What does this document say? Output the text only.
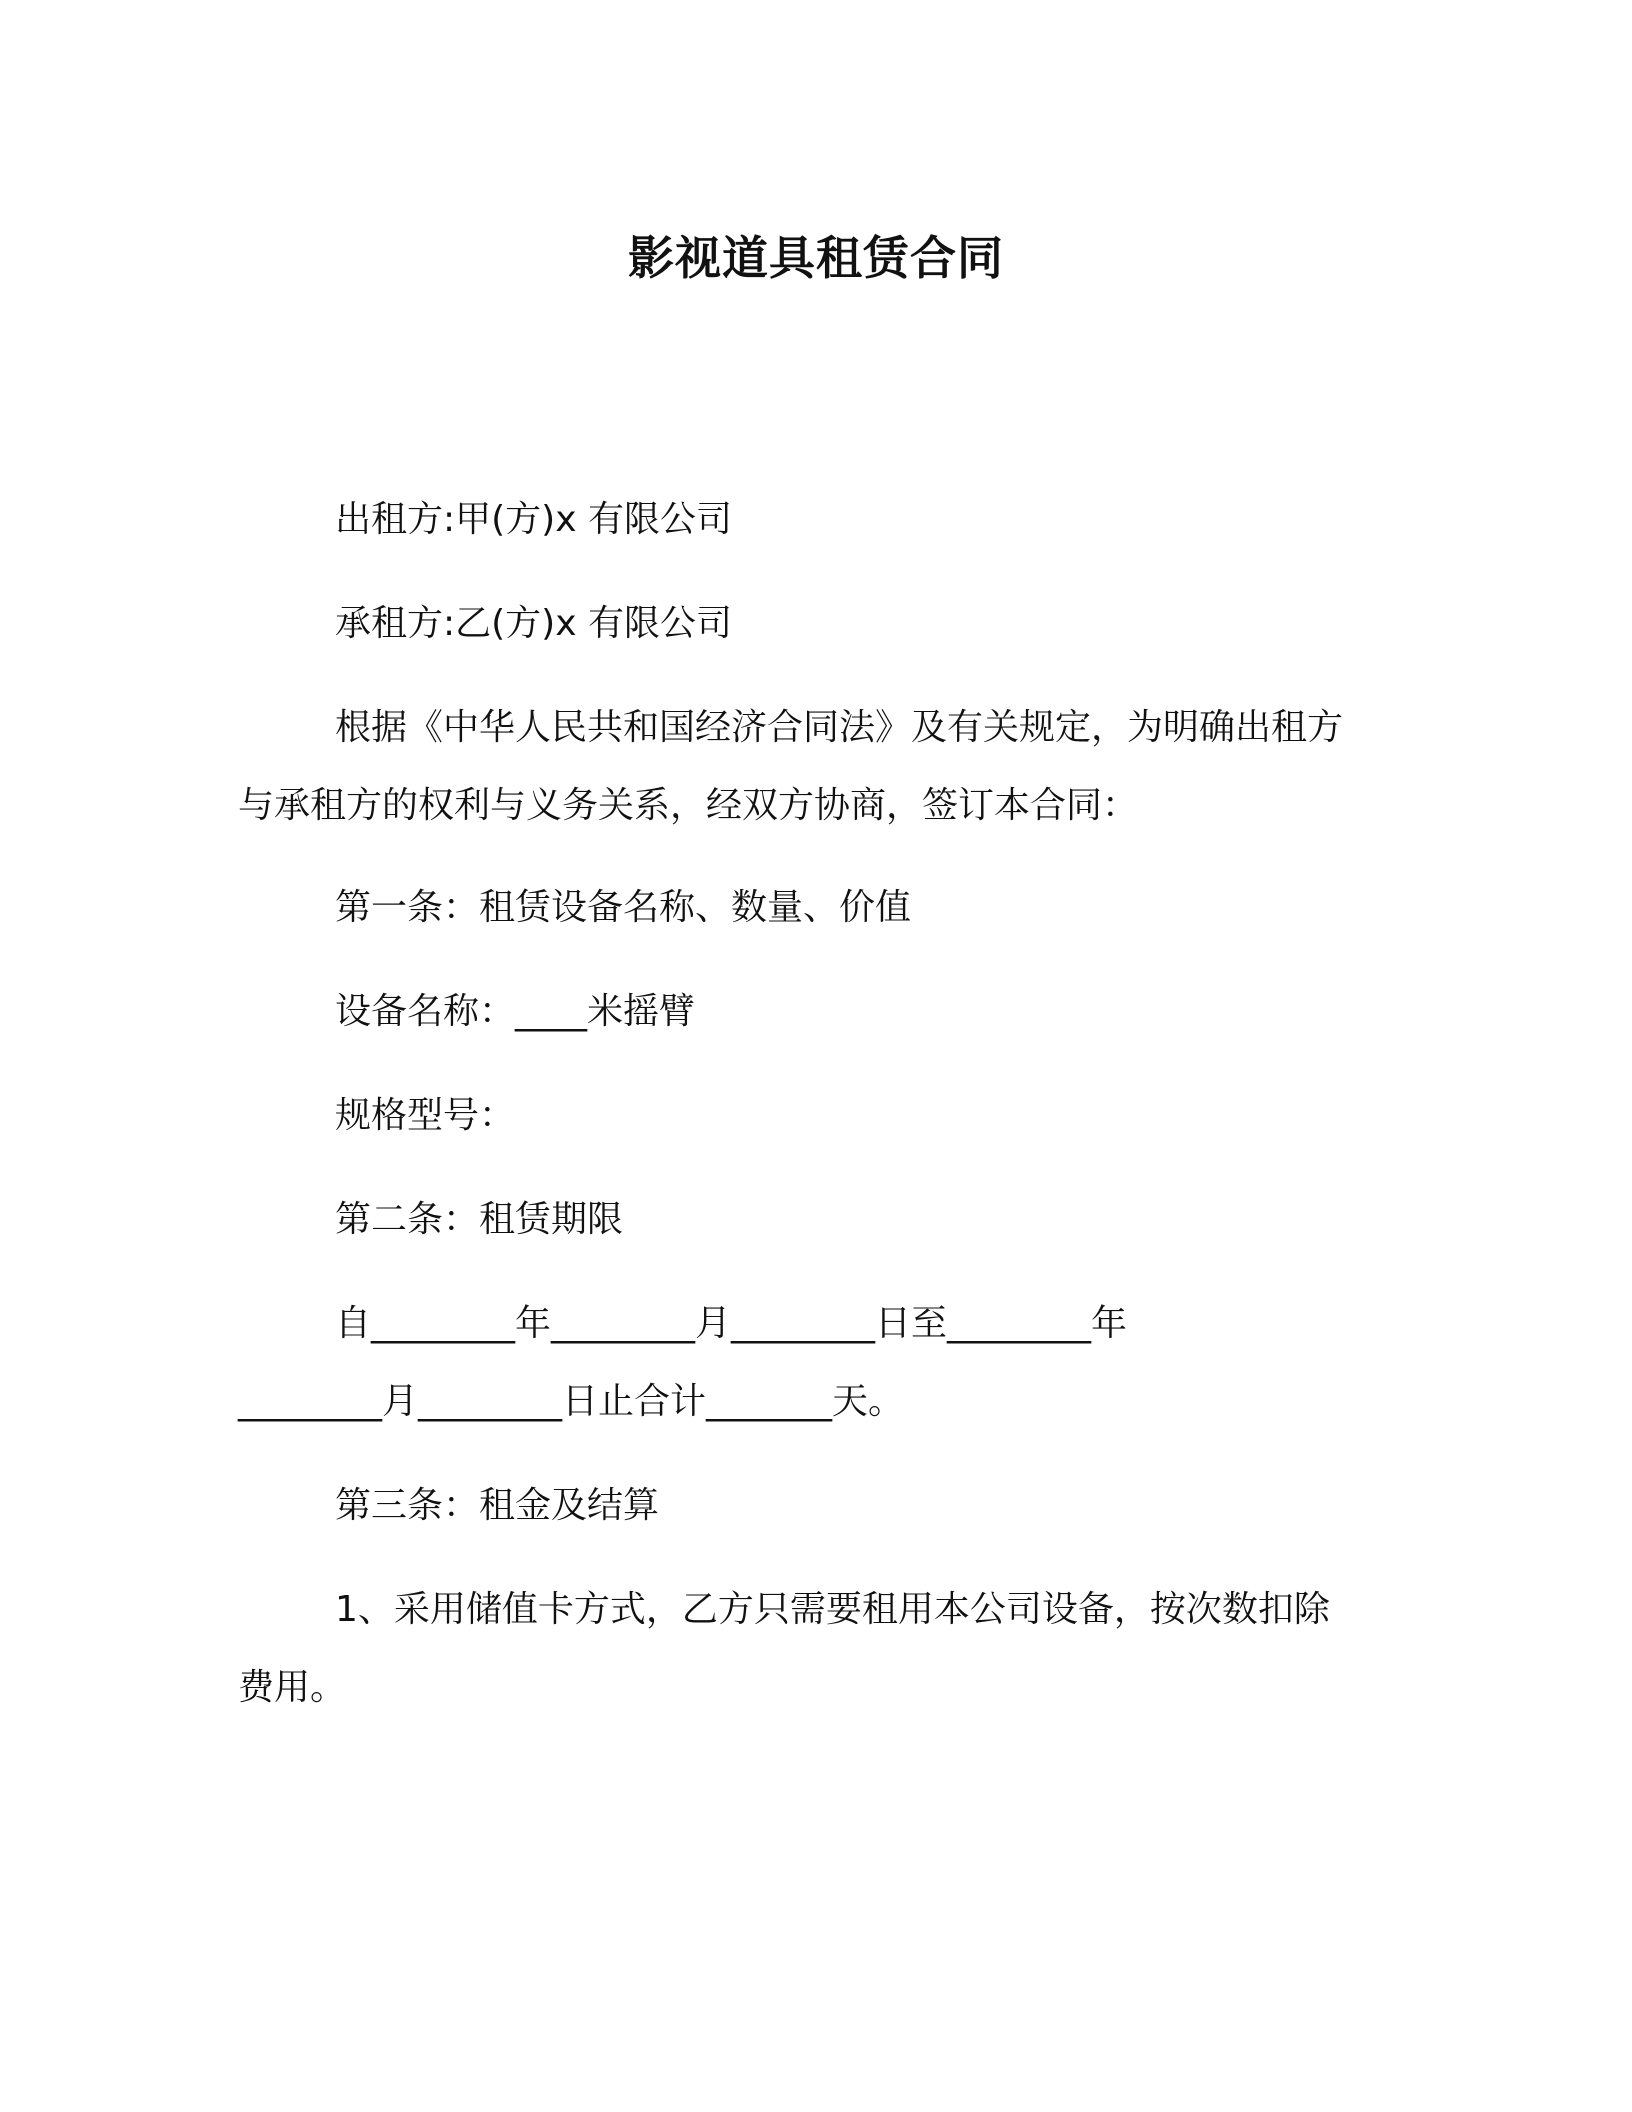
影视道具租赁合同
出租方:甲(方)x 有限公司
承租方:乙(方)x 有限公司
根据《中华人民共和国经济合同法》及有关规定，为明确出租方
与承租方的权利与义务关系，经双方协商，签订本合同：
第一条：租赁设备名称、数量、价值
设备名称：____米摇臂
规格型号：
第二条：租赁期限
自________年________月________日至________年
________月________日止合计_______天。
第三条：租金及结算
1、采用储值卡方式，乙方只需要租用本公司设备，按次数扣除
费用。
